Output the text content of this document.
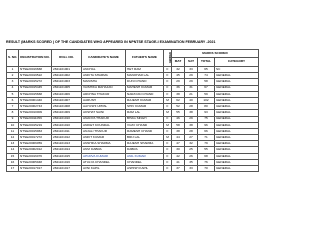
RESULT (MARKS SCORED ) OF THE CANDIDATES WHO APPEARED IN NPNTSE STAGE-I EXAMINATION FEBRUARY -2021
S. NO.	REGISTRATION NO.	ROLL NO.	CANDIDATE'S NAME	FATHER'S NAME	GENDER	MARKS SCORED			
						MAT	SAT	TOTAL	CATEGORY
1	NTSE20016668	2821101001	ANCHAL	HET RAM	F	32	33	65	SC
2	NTSE20019522	2821101002	ANKITA SHARMA	MANOHAR LAL	F	45	29	74	GENERAL
3	NTSE20015272	2821101003	MANISHA	DUNI CHAND	F	29	29	58	GENERAL
4	NTSE20015445	2821101005	VAISHIKA MAHAJAN	MAHESH KUMAR	F	36	31	67	GENERAL
5	NTSE20015668	2821101006	ARCHNA THAKUR	NARAYAN CHAND	F	38	21	59	GENERAL
6	NTSE20001440	2821101007	AARUSH	RAJESH KUMAR	M	62	40	102	GENERAL
7	NTSE20002743	2821101008	AAYUSHI UPPAL	SHIV KUMAR	F	52	28	80	GENERAL
8	NTSE20010009	2821101009	AKSHAT SAINI	RAM LAL	M	55	38	93	GENERAL
9	NTSE20011059	2821101010	ANANYA THAKUR	BHAG SINGH	F	46	29	75	GENERAL
10	NTSE20015219	2821101010	ANIKET KOUNDAL	VIJAY CHAND	M	58	38	96	GENERAL
11	NTSE20015963	2821101011	ANJALI THAKUR	RAMESH CHAND	F	38	28	66	GENERAL
12	NTSE20017272	2821101012	ANKIT KUMAR	BRIJ LAL	M	44	27	71	GENERAL
13	NTSE20006059	2821101013	ANSHIKA SHARMA	RAJESH SHARMA	F	47	32	79	GENERAL
14	NTSE20002012	2821101014	ANVI DABRA	DABRA	F	30	25	55	GENERAL
15	NTSE20016076	2821101015	APURVA KUMARI	ANIL KUMAR	F	42	26	68	GENERAL
16	NTSE20005948	2821101016	ATULYA CHANDEL	CHANDEL	F	41	35	76	GENERAL
17	NTSE20017017	2821101017	AVNI KAPIL	ASHISH KAPIL	F	37	33	70	GENERAL
